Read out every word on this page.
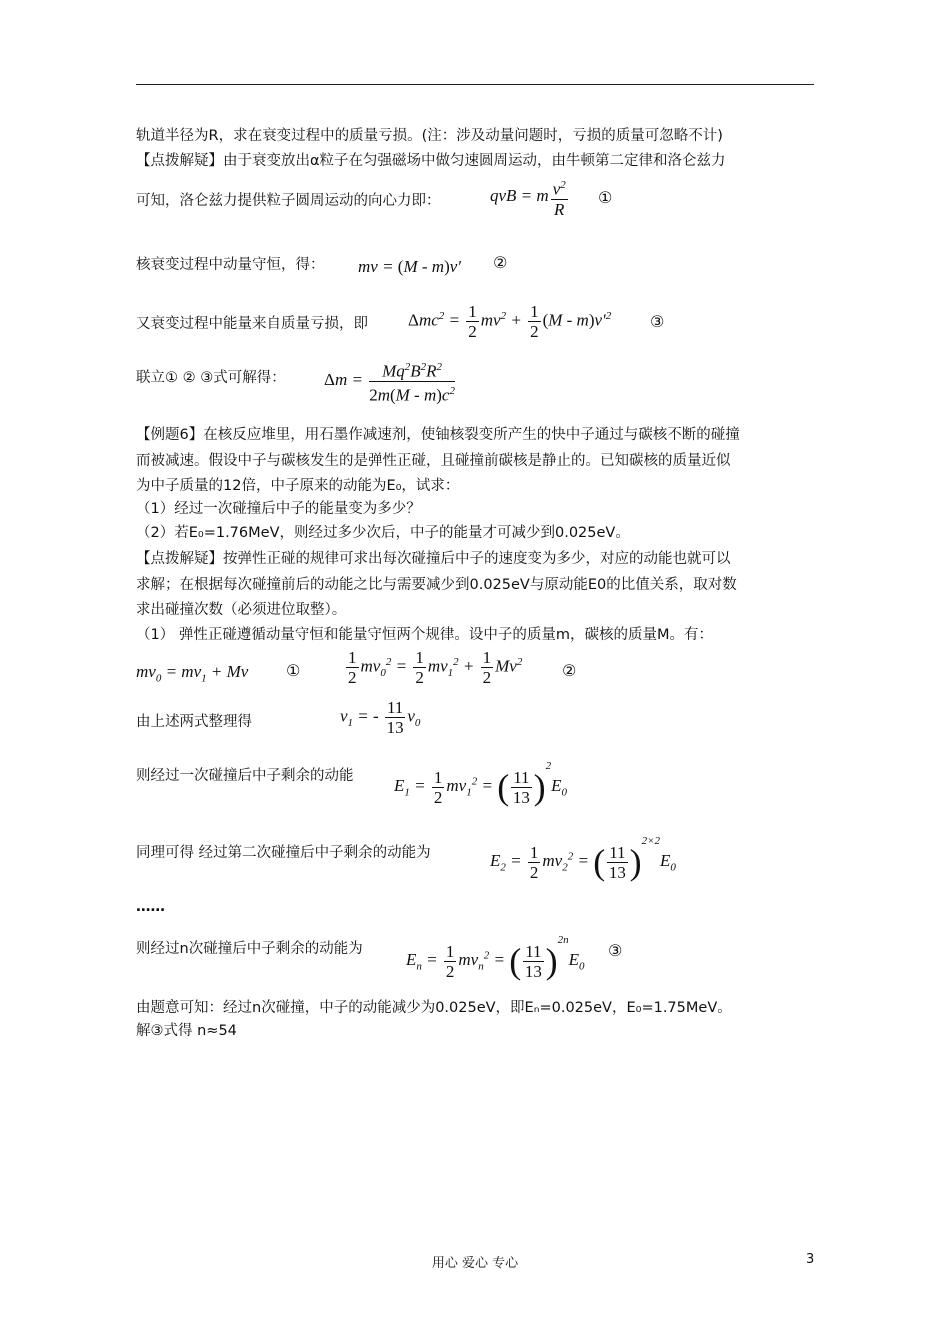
轨道半径为R，求在衰变过程中的质量亏损。(注：涉及动量问题时，亏损的质量可忽略不计)
【点拨解疑】由于衰变放出α粒子在匀强磁场中做匀速圆周运动，由牛顿第二定律和洛仑兹力
可知，洛仑兹力提供粒子圆周运动的向心力即：	qvB = m $\frac{v^2}{R}$ ①
核衰变过程中动量守恒，得： mv = (M - m)v′ ②
又衰变过程中能量来自质量亏损，即 $\Delta mc^2 = \frac{1}{2} mv^2 + \frac{1}{2} (M - m)v'^2$ ③
联立① ② ③式可解得： $\Delta m = \frac{Mq^2B^2R^2}{2m(M - m)c^2}$
【例题6】在核反应堆里，用石墨作减速剂，使铀核裂变所产生的快中子通过与碳核不断的碰撞
而被减速。假设中子与碳核发生的是弹性正碰，且碰撞前碳核是静止的。已知碳核的质量近似
为中子质量的12倍，中子原来的动能为E₀，试求：
（1）经过一次碰撞后中子的能量变为多少？
（2）若E₀=1.76MeV，则经过多少次后，中子的能量才可减少到0.025eV。
【点拨解疑】按弹性正碰的规律可求出每次碰撞后中子的速度变为多少，对应的动能也就可以
求解；在根据每次碰撞前后的动能之比与需要减少到0.025eV与原动能E0的比值关系，取对数
求出碰撞次数（必须进位取整）。
（1） 弹性正碰遵循动量守恒和能量守恒两个规律。设中子的质量m，碳核的质量M。有：
$mv_0 = mv_1 + Mv$ ①	$\frac{1}{2} mv_0^2 = \frac{1}{2} mv_1^2 + \frac{1}{2} Mv^2$ ②
由上述两式整理得	$v_1$ = - $\frac{11}{13} v_0$
则经过一次碰撞后中子剩余的动能 $E_1 = \frac{1}{2} mv_1^2$ = ( $\frac{11}{13} )^2E_0$
同理可得 经过第二次碰撞后中子剩余的动能为	$E_2 = \frac{1}{2} mv_2^2$ = ( $\frac{11}{13} )^{2\times 2}E_0$
……
则经过n次碰撞后中子剩余的动能为
$E_n = \frac{1}{2} mv_n^2$ = ( $\frac{11}{13} )^{2n}E_0$
③
由题意可知：经过n次碰撞，中子的动能减少为0.025eV，即Eₙ=0.025eV，E₀=1.75MeV。
解③式得 n≈54
用心 爱心 专心	3
